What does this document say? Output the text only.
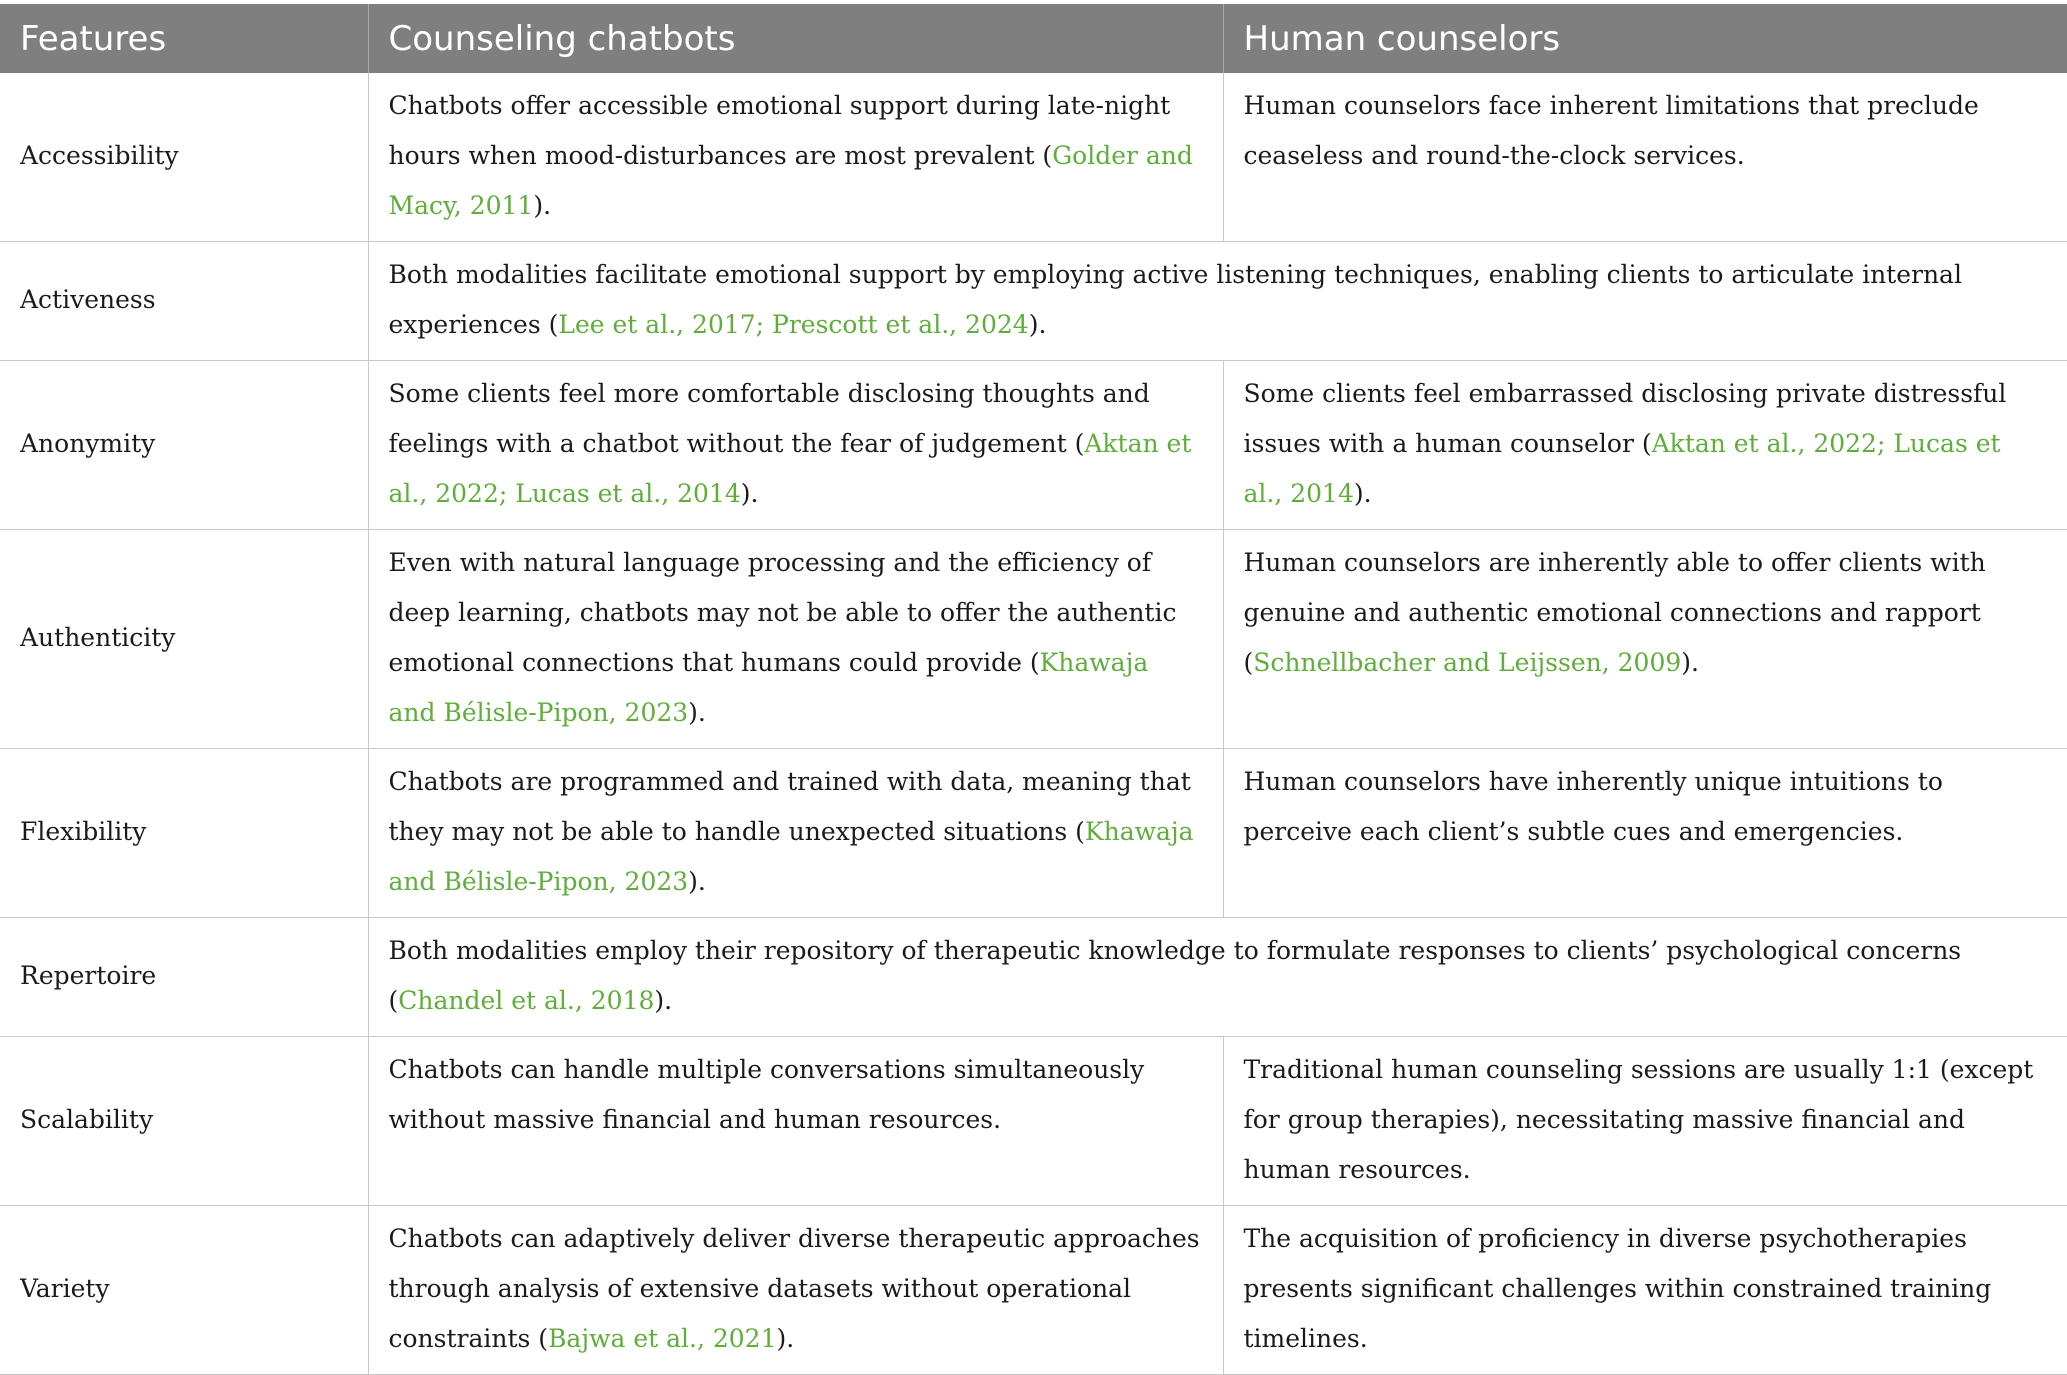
Features	Counseling chatbots	Human counselors
Accessibility	Chatbots offer accessible emotional support during late-night hours when mood-disturbances are most prevalent (Golder and Macy, 2011).	Human counselors face inherent limitations that preclude ceaseless and round-the-clock services.
Activeness	Both modalities facilitate emotional support by employing active listening techniques, enabling clients to articulate internal experiences (Lee et al., 2017; Prescott et al., 2024).	
Anonymity	Some clients feel more comfortable disclosing thoughts and feelings with a chatbot without the fear of judgement (Aktan et al., 2022; Lucas et al., 2014).	Some clients feel embarrassed disclosing private distressful issues with a human counselor (Aktan et al., 2022; Lucas et al., 2014).
Authenticity	Even with natural language processing and the efficiency of deep learning, chatbots may not be able to offer the authentic emotional connections that humans could provide (Khawaja and Bélisle-Pipon, 2023).	Human counselors are inherently able to offer clients with genuine and authentic emotional connections and rapport (Schnellbacher and Leijssen, 2009).
Flexibility	Chatbots are programmed and trained with data, meaning that they may not be able to handle unexpected situations (Khawaja and Bélisle-Pipon, 2023).	Human counselors have inherently unique intuitions to perceive each client’s subtle cues and emergencies.
Repertoire	Both modalities employ their repository of therapeutic knowledge to formulate responses to clients’ psychological concerns (Chandel et al., 2018).	
Scalability	Chatbots can handle multiple conversations simultaneously without massive financial and human resources.	Traditional human counseling sessions are usually 1:1 (except for group therapies), necessitating massive financial and human resources.
Variety	Chatbots can adaptively deliver diverse therapeutic approaches through analysis of extensive datasets without operational constraints (Bajwa et al., 2021).	The acquisition of proficiency in diverse psychotherapies presents significant challenges within constrained training timelines.
